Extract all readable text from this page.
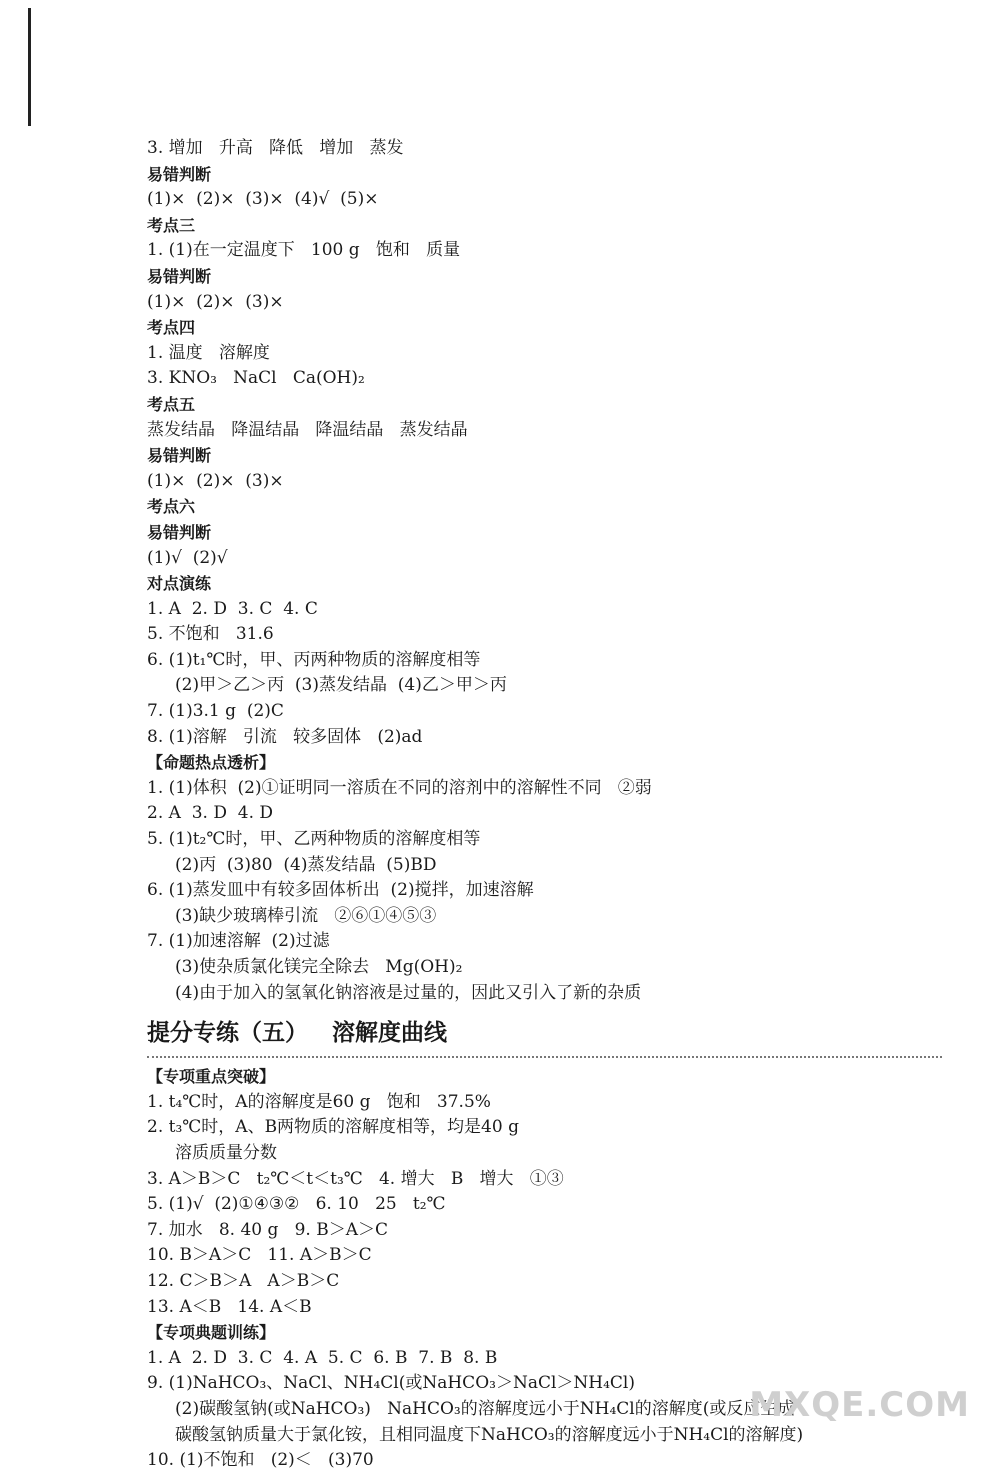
3. 增加   升高   降低   增加   蒸发
易错判断
(1)×  (2)×  (3)×  (4)√  (5)×
考点三
1. (1)在一定温度下   100 g   饱和   质量
易错判断
(1)×  (2)×  (3)×
考点四
1. 温度   溶解度
3. KNO₃   NaCl   Ca(OH)₂
考点五
蒸发结晶   降温结晶   降温结晶   蒸发结晶
易错判断
(1)×  (2)×  (3)×
考点六
易错判断
(1)√  (2)√
对点演练
1. A  2. D  3. C  4. C
5. 不饱和   31.6
6. (1)t₁℃时，甲、丙两种物质的溶解度相等
(2)甲＞乙＞丙  (3)蒸发结晶  (4)乙＞甲＞丙
7. (1)3.1 g  (2)C
8. (1)溶解   引流   较多固体   (2)ad
【命题热点透析】
1. (1)体积  (2)①证明同一溶质在不同的溶剂中的溶解性不同   ②弱
2. A  3. D  4. D
5. (1)t₂℃时，甲、乙两种物质的溶解度相等
(2)丙  (3)80  (4)蒸发结晶  (5)BD
6. (1)蒸发皿中有较多固体析出  (2)搅拌，加速溶解
(3)缺少玻璃棒引流   ②⑥①④⑤③
7. (1)加速溶解  (2)过滤
(3)使杂质氯化镁完全除去   Mg(OH)₂
(4)由于加入的氢氧化钠溶液是过量的，因此又引入了新的杂质
提分专练（五）   溶解度曲线
【专项重点突破】
1. t₄℃时，A的溶解度是60 g   饱和   37.5%
2. t₃℃时，A、B两物质的溶解度相等，均是40 g
溶质质量分数
3. A＞B＞C   t₂℃＜t＜t₃℃   4. 增大   B   增大   ①③
5. (1)√  (2)①④③②   6. 10   25   t₂℃
7. 加水   8. 40 g   9. B＞A＞C
10. B＞A＞C   11. A＞B＞C
12. C＞B＞A   A＞B＞C
13. A＜B   14. A＜B
【专项典题训练】
1. A  2. D  3. C  4. A  5. C  6. B  7. B  8. B
9. (1)NaHCO₃、NaCl、NH₄Cl(或NaHCO₃＞NaCl＞NH₄Cl)
(2)碳酸氢钠(或NaHCO₃)   NaHCO₃的溶解度远小于NH₄Cl的溶解度(或反应生成
碳酸氢钠质量大于氯化铵，且相同温度下NaHCO₃的溶解度远小于NH₄Cl的溶解度)
10. (1)不饱和   (2)＜   (3)70
MXQE.COM
